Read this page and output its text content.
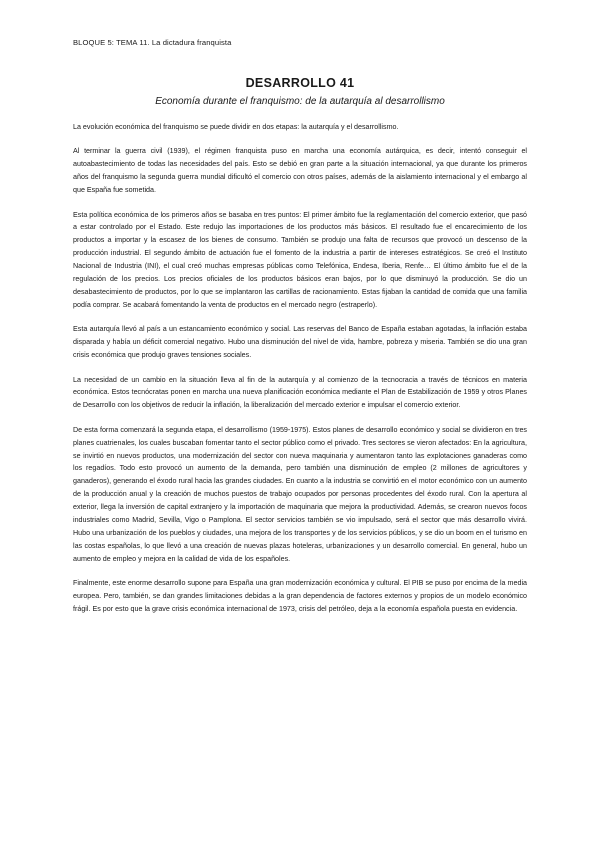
BLOQUE 5: TEMA 11. La dictadura franquista
DESARROLLO 41
Economía durante el franquismo: de la autarquía al desarrollismo

La evolución económica del franquismo se puede dividir en dos etapas: la autarquía y el desarrollismo.

Al terminar la guerra civil (1939), el régimen franquista puso en marcha una economía autárquica, es decir, intentó conseguir el autoabastecimiento de todas las necesidades del país. Esto se debió en gran parte a la situación internacional, ya que durante los primeros años del franquismo la segunda guerra mundial dificultó el comercio con otros países, además de la aislamiento internacional y el embargo al que España fue sometida.

Esta política económica de los primeros años se basaba en tres puntos: El primer ámbito fue la reglamentación del comercio exterior, que pasó a estar controlado por el Estado. Este redujo las importaciones de los productos más básicos. El resultado fue el encarecimiento de los productos a importar y la escasez de los bienes de consumo. También se produjo una falta de recursos que provocó un descenso de la producción industrial. El segundo ámbito de actuación fue el fomento de la industria a partir de intereses estratégicos. Se creó el Instituto Nacional de Industria (INI), el cual creó muchas empresas públicas como Telefónica, Endesa, Iberia, Renfe… El último ámbito fue el de la regulación de los precios. Los precios oficiales de los productos básicos eran bajos, por lo que disminuyó la producción. Se dio un desabastecimiento de productos, por lo que se implantaron las cartillas de racionamiento. Estas fijaban la cantidad de comida que una familia podía comprar. Se acabará fomentando la venta de productos en el mercado negro (estraperlo).

Esta autarquía llevó al país a un estancamiento económico y social. Las reservas del Banco de España estaban agotadas, la inflación estaba disparada y había un déficit comercial negativo. Hubo una disminución del nivel de vida, hambre, pobreza y miseria. También se dio una gran crisis económica que produjo graves tensiones sociales.

La necesidad de un cambio en la situación lleva al fin de la autarquía y al comienzo de la tecnocracia a través de técnicos en materia económica. Estos tecnócratas ponen en marcha una nueva planificación económica mediante el Plan de Estabilización de 1959 y otros Planes de Desarrollo con los objetivos de reducir la inflación, la liberalización del mercado exterior e impulsar el comercio exterior.

De esta forma comenzará la segunda etapa, el desarrollismo (1959-1975). Estos planes de desarrollo económico y social se dividieron en tres planes cuatrienales, los cuales buscaban fomentar tanto el sector público como el privado. Tres sectores se vieron afectados: En la agricultura, se invirtió en nuevos productos, una modernización del sector con nueva maquinaria y aumentaron tanto las explotaciones ganaderas como los regadíos. Todo esto provocó un aumento de la demanda, pero también una disminución de empleo (2 millones de agricultores y ganaderos), generando el éxodo rural hacia las grandes ciudades. En cuanto a la industria se convirtió en el motor económico con un aumento de la producción anual y la creación de muchos puestos de trabajo ocupados por personas procedentes del éxodo rural. Con la apertura al exterior, llega la inversión de capital extranjero y la importación de maquinaria que mejora la productividad. Además, se crearon nuevos focos industriales como Madrid, Sevilla, Vigo o Pamplona. El sector servicios también se vio impulsado, será el sector que más desarrollo vivirá. Hubo una urbanización de los pueblos y ciudades, una mejora de los transportes y de los servicios públicos, y se dio un boom en el turismo en las costas españolas, lo que llevó a una creación de nuevas plazas hoteleras, urbanizaciones y un desarrollo comercial. En general, hubo un aumento de empleo y mejora en la calidad de vida de los españoles.

Finalmente, este enorme desarrollo supone para España una gran modernización económica y cultural. El PIB se puso por encima de la media europea. Pero, también, se dan grandes limitaciones debidas a la gran dependencia de factores externos y propios de un modelo económico frágil. Es por esto que la grave crisis económica internacional de 1973, crisis del petróleo, deja a la economía española puesta en evidencia.
